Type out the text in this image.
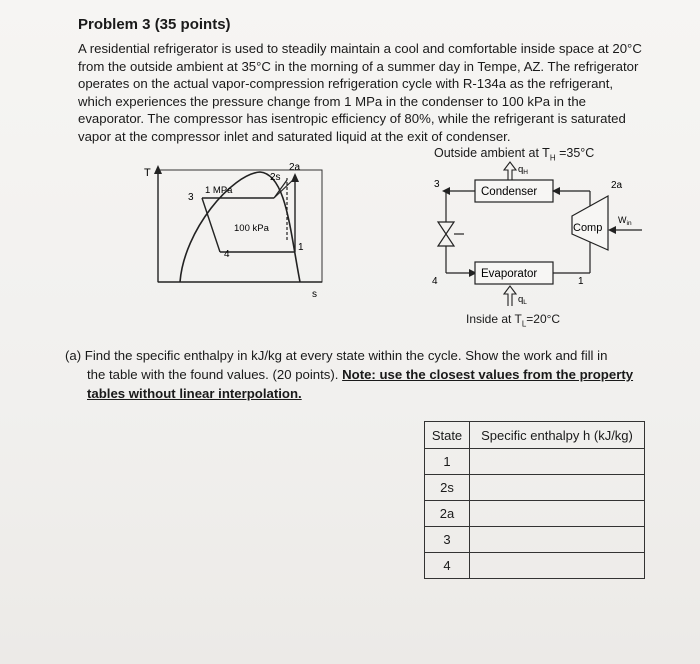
Problem 3 (35 points)
A residential refrigerator is used to steadily maintain a cool and comfortable inside space at 20°C
from the outside ambient at 35°C in the morning of a summer day in Tempe, AZ. The refrigerator
operates on the actual vapor-compression refrigeration cycle with R-134a as the refrigerant,
which experiences the pressure change from 1 MPa in the condenser to 100 kPa in the
evaporator. The compressor has isentropic efficiency of 80%, while the refrigerant is saturated
vapor at the compressor inlet and saturated liquid at the exit of condenser.
T
s
3
1 MPa
100 kPa
4
1
2s
2a
Outside ambient at $T_H =35^\circ C$
$q_H$
Condenser
3
4
Evaporator
$q_L$
1
Comp
2a
$W_{in}$
Inside at $T_L=20^\circ C$
(a) Find the specific enthalpy in kJ/kg at every state within the cycle. Show the work and fill in
the table with the found values. (20 points). Note: use the closest values from the property
tables without linear interpolation.
State	Specific enthalpy h (kJ/kg)
1	
2s	
2a	
3	
4	
